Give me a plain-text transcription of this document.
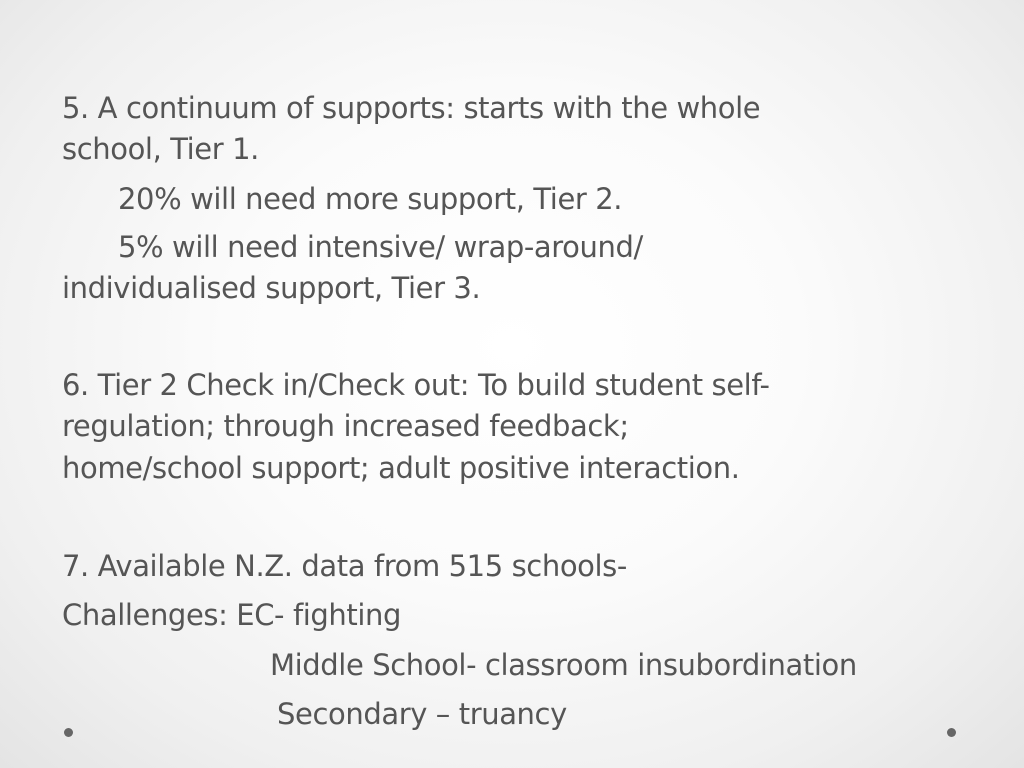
5. A continuum of supports: starts with the whole
school, Tier 1.
20% will need more support, Tier 2.
5% will need intensive/ wrap-around/
individualised support, Tier 3.
6. Tier 2 Check in/Check out: To build student self-
regulation; through increased feedback;
home/school support; adult positive interaction.
7. Available N.Z. data from 515 schools-
Challenges: EC- fighting
Middle School- classroom insubordination
Secondary – truancy
